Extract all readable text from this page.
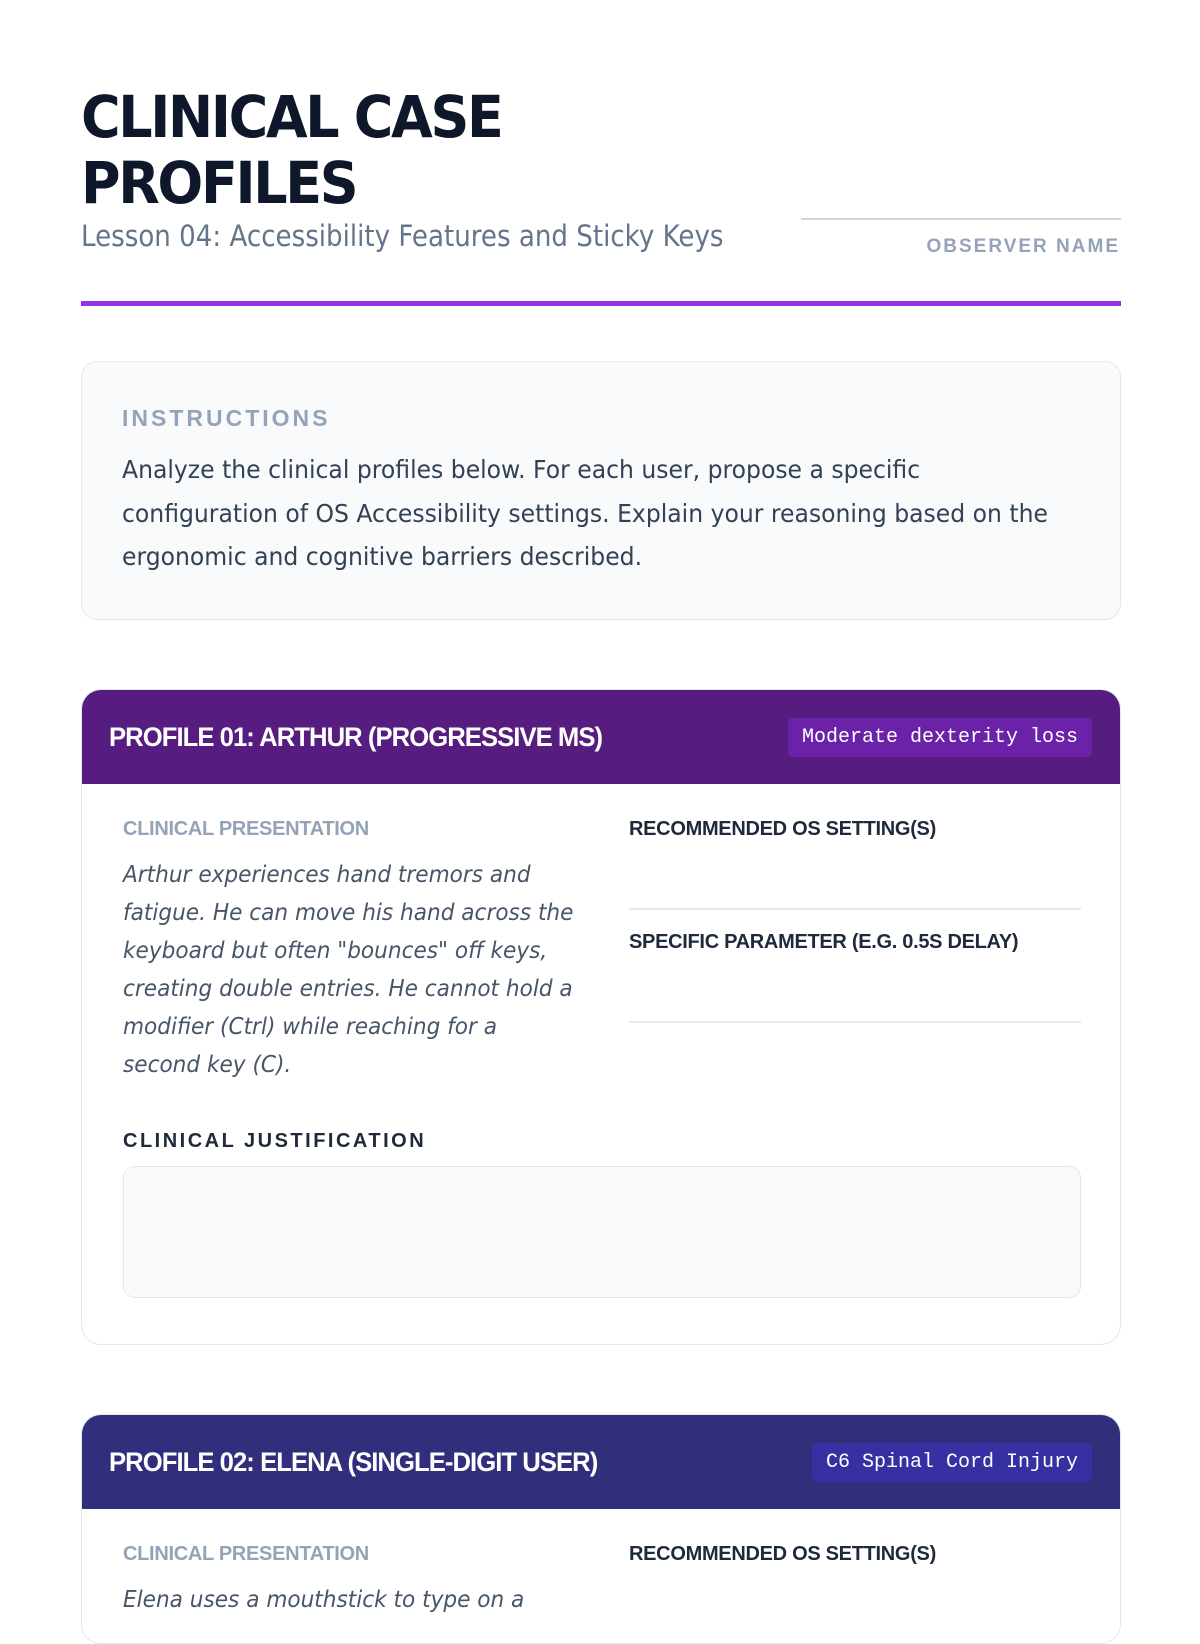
CLINICAL CASE
PROFILES
Lesson 04: Accessibility Features and Sticky Keys	OBSERVER NAME
INSTRUCTIONS
Analyze the clinical profiles below. For each user, propose a specific configuration of OS Accessibility settings. Explain your reasoning based on the ergonomic and cognitive barriers described.
PROFILE 01: ARTHUR (PROGRESSIVE MS)	Moderate dexterity loss
CLINICAL PRESENTATION
Arthur experiences hand tremors and fatigue. He can move his hand across the keyboard but often "bounces" off keys, creating double entries. He cannot hold a modifier (Ctrl) while reaching for a second key (C).
RECOMMENDED OS SETTING(S)
SPECIFIC PARAMETER (E.G. 0.5S DELAY)
CLINICAL JUSTIFICATION
PROFILE 02: ELENA (SINGLE-DIGIT USER)	C6 Spinal Cord Injury
CLINICAL PRESENTATION
Elena uses a mouthstick to type on a
RECOMMENDED OS SETTING(S)
